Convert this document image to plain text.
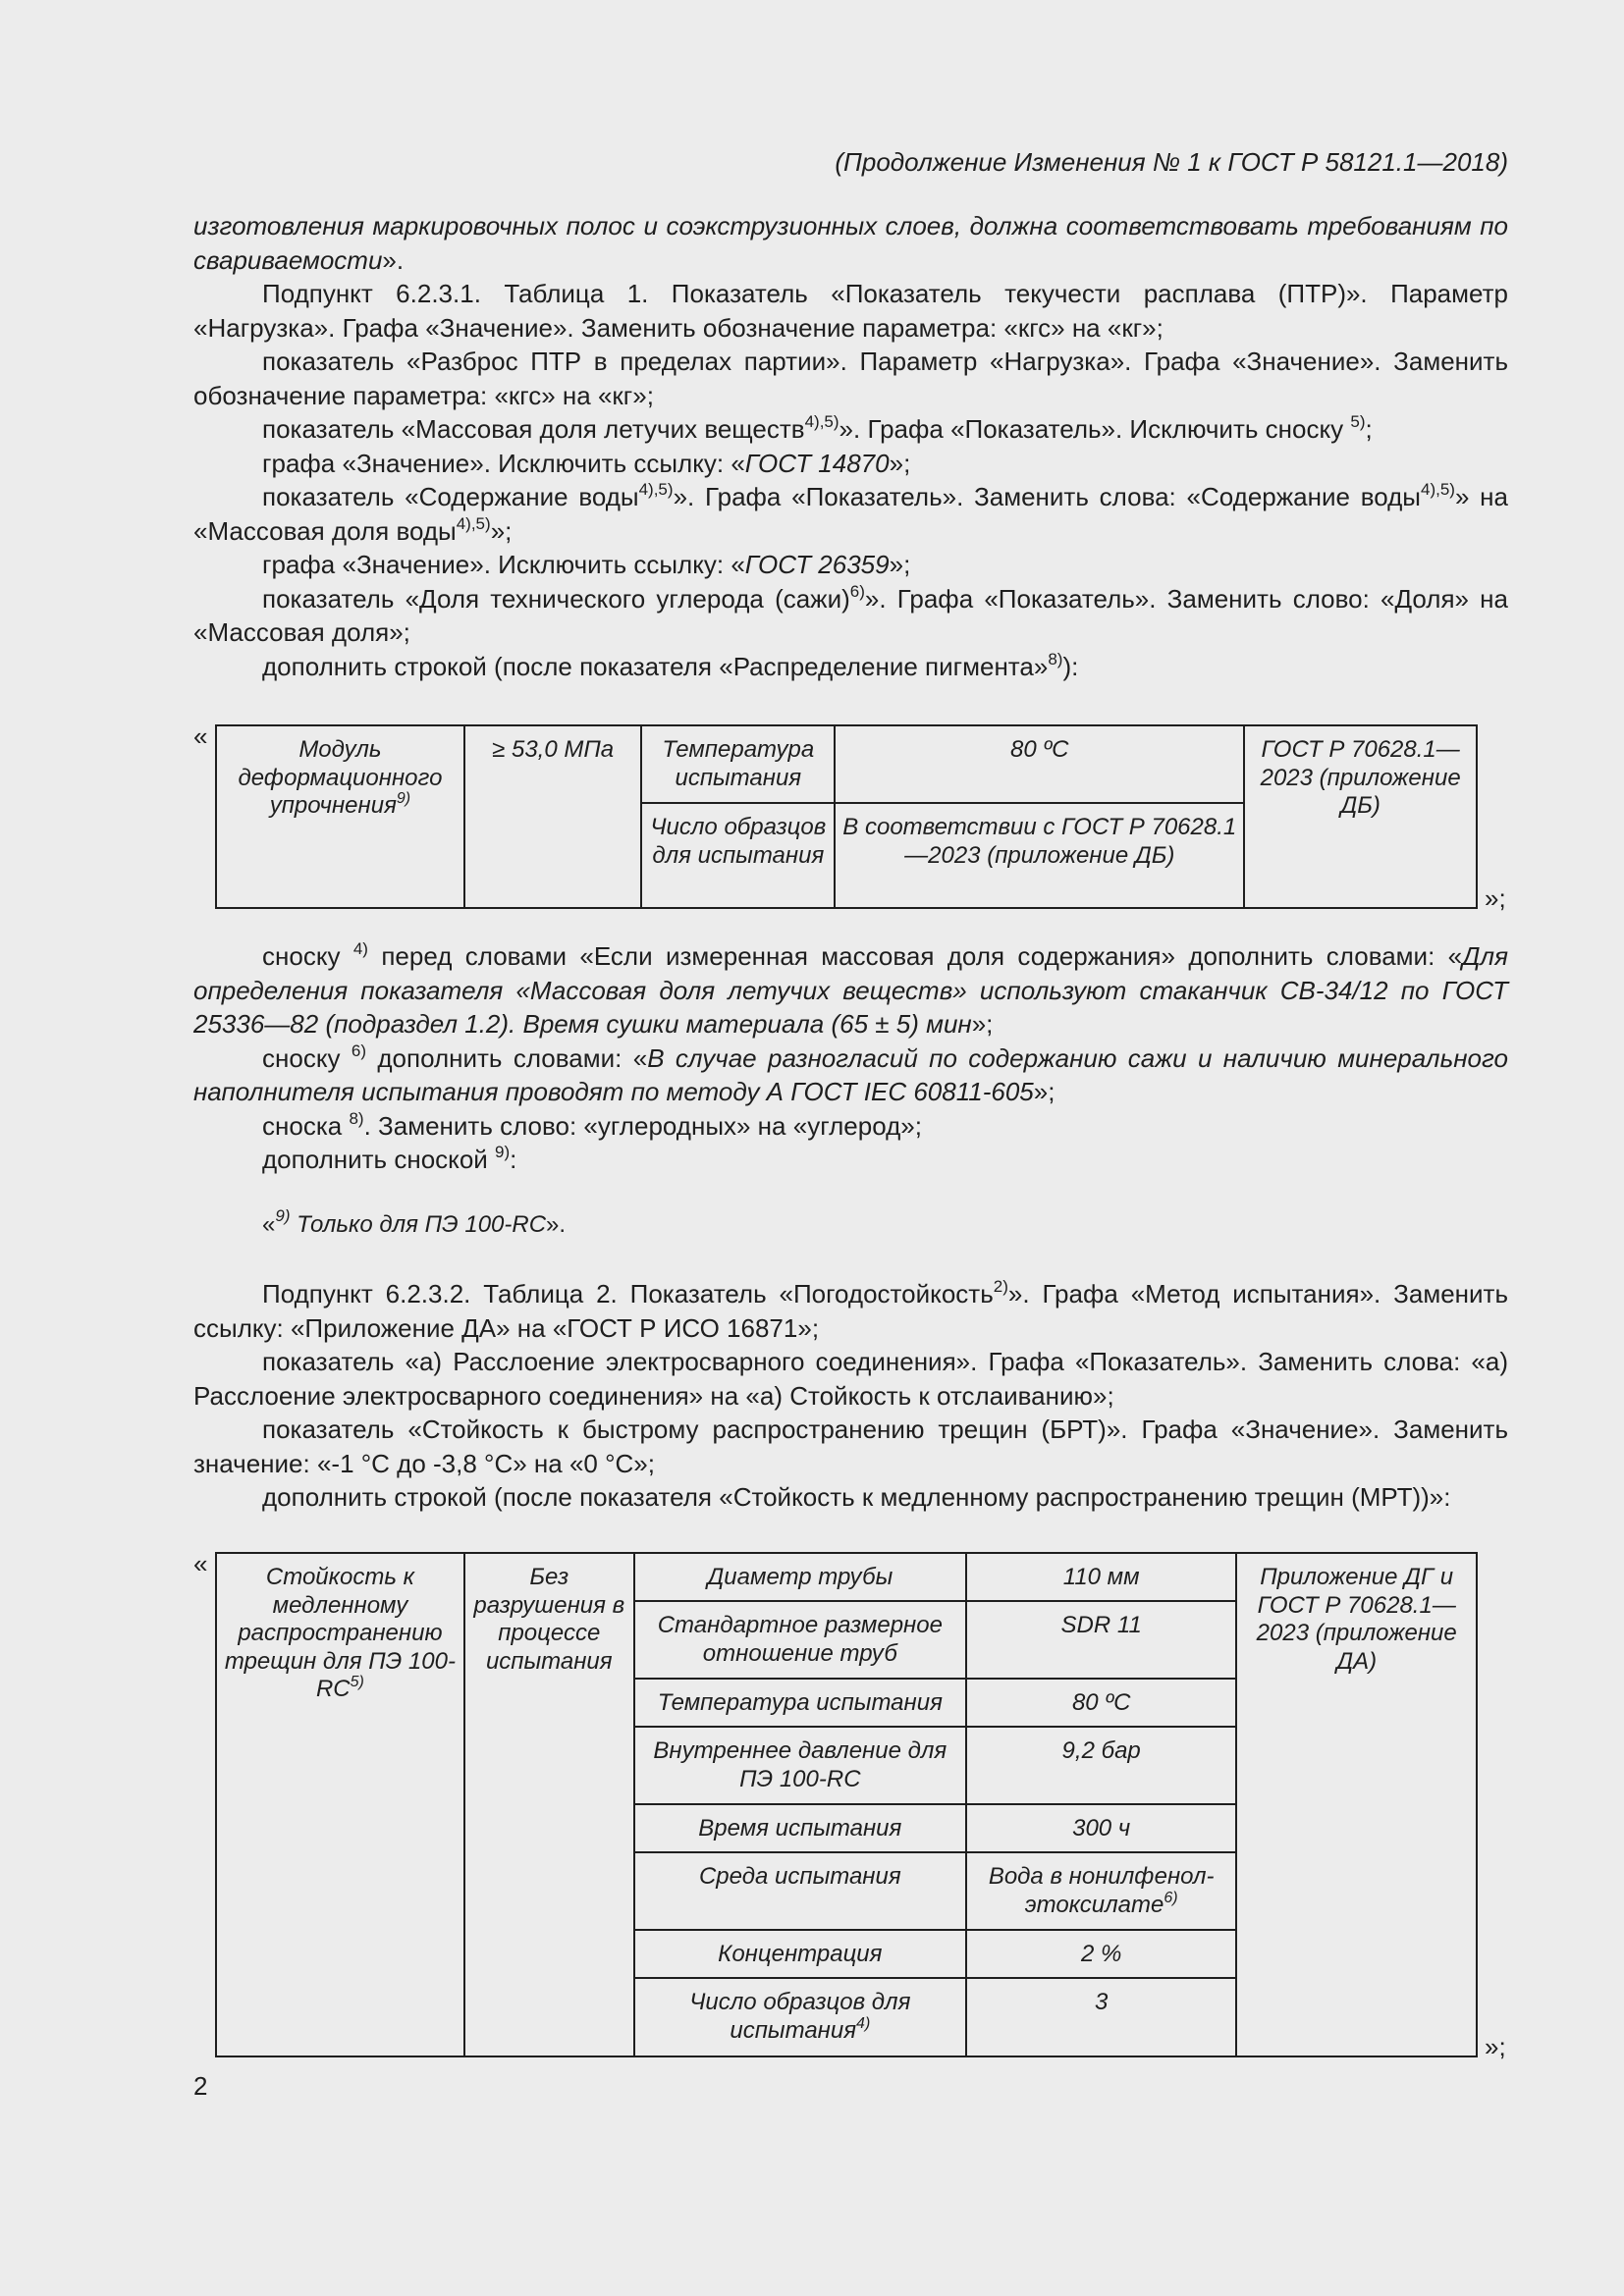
(Продолжение Изменения № 1 к ГОСТ Р 58121.1—2018)

изготовления маркировочных полос и соэкструзионных слоев, должна соответствовать требованиям по свариваемости».

Подпункт 6.2.3.1. Таблица 1. Показатель «Показатель текучести расплава (ПТР)». Параметр «Нагрузка». Графа «Значение». Заменить обозначение параметра: «кгс» на «кг»;

показатель «Разброс ПТР в пределах партии». Параметр «Нагрузка». Графа «Значение». Заменить обозначение параметра: «кгс» на «кг»;

показатель «Массовая доля летучих веществ$^{4),5)}$». Графа «Показатель». Исключить сноску $^{5)}$;

графа «Значение». Исключить ссылку: «ГОСТ 14870»;

показатель «Содержание воды$^{4),5)}$». Графа «Показатель». Заменить слова: «Содержание воды$^{4),5)}$» на «Массовая доля воды$^{4),5)}$»;

графа «Значение». Исключить ссылку: «ГОСТ 26359»;

показатель «Доля технического углерода (сажи)$^{6)}$». Графа «Показатель». Заменить слово: «Доля» на «Массовая доля»;

дополнить строкой (после показателя «Распределение пигмента»$^{8)}$):

«	Модуль деформационного упрочнения$^{9)}$	≥ 53,0 МПа	Температура испытания	80 ºС	ГОСТ Р 70628.1—2023 (приложение ДБ)
		Число образцов для испытания	В соответствии с ГОСТ Р 70628.1—2023 (приложение ДБ)	
»;

сноску $^{4)}$ перед словами «Если измеренная массовая доля содержания» дополнить словами: «Для определения показателя «Массовая доля летучих веществ» используют стаканчик СВ-34/12 по ГОСТ 25336—82 (подраздел 1.2). Время сушки материала (65 ± 5) мин»;

сноску $^{6)}$ дополнить словами: «В случае разногласий по содержанию сажи и наличию минерального наполнителя испытания проводят по методу А ГОСТ IEC 60811-605»;

сноска $^{8)}$. Заменить слово: «углеродных» на «углерод»;

дополнить сноской $^{9)}$:

«$^{9)}$ Только для ПЭ 100-RC».

Подпункт 6.2.3.2. Таблица 2. Показатель «Погодостойкость$^{2)}$». Графа «Метод испытания». Заменить ссылку: «Приложение ДА» на «ГОСТ Р ИСО 16871»;

показатель «а) Расслоение электросварного соединения». Графа «Показатель». Заменить слова: «а) Расслоение электросварного соединения» на «а) Стойкость к отслаиванию»;

показатель «Стойкость к быстрому распространению трещин (БРТ)». Графа «Значение». Заменить значение: «-1 °С до -3,8 °С» на «0 °С»;

дополнить строкой (после показателя «Стойкость к медленному распространению трещин (МРТ))»:

« Стойкость к медленному распространению трещин для ПЭ 100-RC$^{5)}$	Без разрушения в процессе испытания	Диаметр трубы	110 мм	Приложение ДГ и ГОСТ Р 70628.1—2023 (приложение ДА)
		Стандартное размерное отношение труб	SDR 11	
		Температура испытания	80 ºС	
		Внутреннее давление для ПЭ 100-RC	9,2 бар	
		Время испытания	300 ч	
		Среда испытания	Вода в нонилфенол-этоксилате$^{6)}$
		Концентрация	2 %	
		Число образцов для испытания$^{4)}$	3	
»;
2
